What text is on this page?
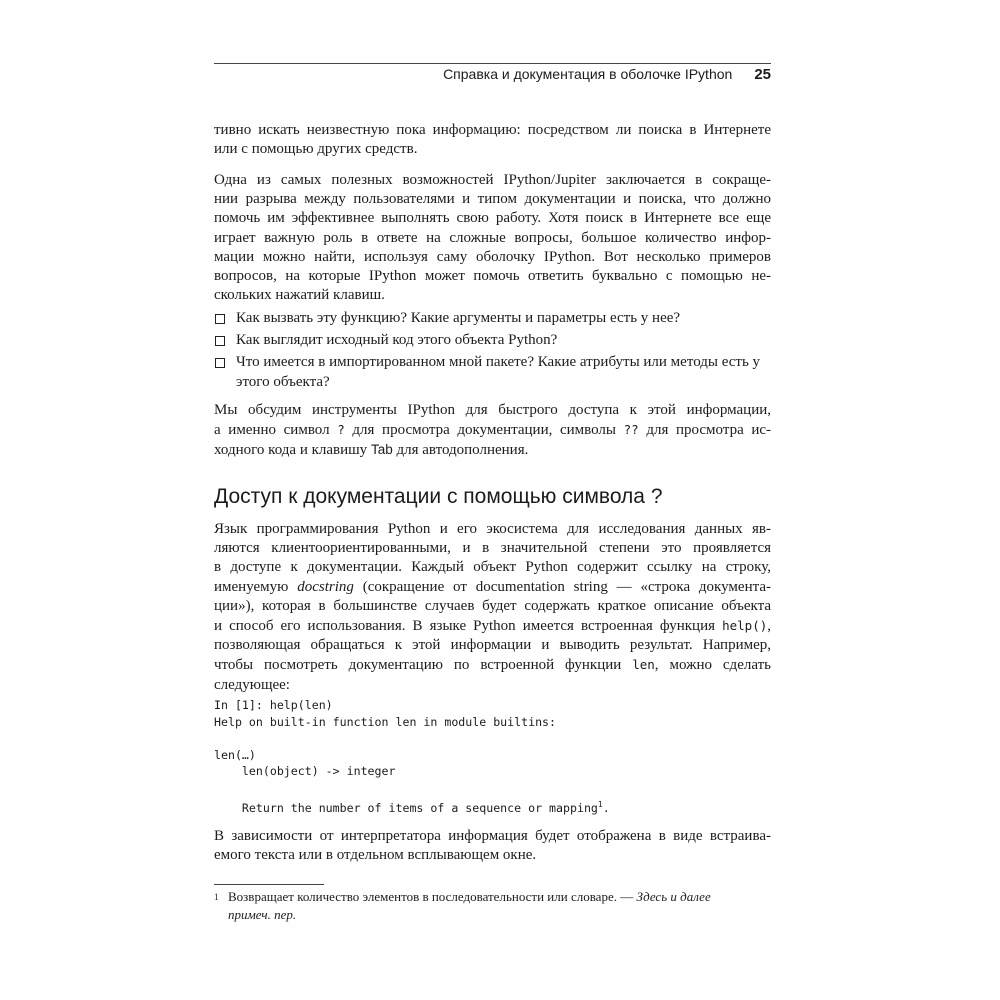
Справка и документация в оболочке IPython 25

тивно искать неизвестную пока информацию: посредством ли поиска в Интернете
или с помощью других средств.

Одна из самых полезных возможностей IPython/Jupiter заключается в сокраще-
нии разрыва между пользователями и типом документации и поиска, что должно
помочь им эффективнее выполнять свою работу. Хотя поиск в Интернете все еще
играет важную роль в ответе на сложные вопросы, большое количество инфор-
мации можно найти, используя саму оболочку IPython. Вот несколько примеров
вопросов, на которые IPython может помочь ответить буквально с помощью не-
скольких нажатий клавиш.

Как вызвать эту функцию? Какие аргументы и параметры есть у нее?
Как выглядит исходный код этого объекта Python?
Что имеется в импортированном мной пакете? Какие атрибуты или методы есть у этого объекта?

Мы обсудим инструменты IPython для быстрого доступа к этой информации,
а именно символ ? для просмотра документации, символы ?? для просмотра ис-
ходного кода и клавишу Tab для автодополнения.

Доступ к документации с помощью символа ?

Язык программирования Python и его экосистема для исследования данных яв-
ляются клиентоориентированными, и в значительной степени это проявляется
в доступе к документации. Каждый объект Python содержит ссылку на строку,
именуемую docstring (сокращение от documentation string — «строка документа-
ции»), которая в большинстве случаев будет содержать краткое описание объекта
и способ его использования. В языке Python имеется встроенная функция help(),
позволяющая обращаться к этой информации и выводить результат. Например,
чтобы посмотреть документацию по встроенной функции len, можно сделать
следующее:

In [1]: help(len)
Help on built-in function len in module builtins:
len(…)
len(object) -> integer
Return the number of items of a sequence or mapping$^1$.

В зависимости от интерпретатора информация будет отображена в виде встраива-
емого текста или в отдельном всплывающем окне.

1 Возвращает количество элементов в последовательности или словаре. — Здесь и далее
примеч. пер.
